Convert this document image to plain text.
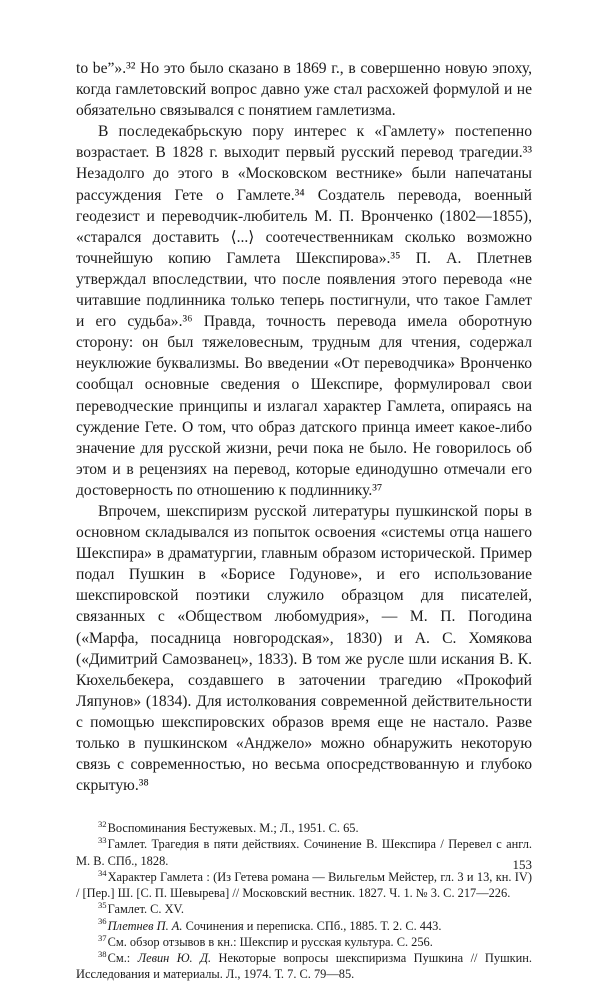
to be”».³² Но это было сказано в 1869 г., в совершенно новую эпоху, когда гамлетовский вопрос давно уже стал расхожей формулой и не обязательно связывался с понятием гамлетизма.

В последекабрьскую пору интерес к «Гамлету» постепенно возрастает. В 1828 г. выходит первый русский перевод трагедии.³³ Незадолго до этого в «Московском вестнике» были напечатаны рассуждения Гете о Гамлете.³⁴ Создатель перевода, военный геодезист и переводчик-любитель М. П. Вронченко (1802—1855), «старался доставить ⟨...⟩ соотечественникам сколько возможно точнейшую копию Гамлета Шекспирова».³⁵ П. А. Плетнев утверждал впоследствии, что после появления этого перевода «не читавшие подлинника только теперь постигнули, что такое Гамлет и его судьба».³⁶ Правда, точность перевода имела оборотную сторону: он был тяжеловесным, трудным для чтения, содержал неуклюжие буквализмы. Во введении «От переводчика» Вронченко сообщал основные сведения о Шекспире, формулировал свои переводческие принципы и излагал характер Гамлета, опираясь на суждение Гете. О том, что образ датского принца имеет какое-либо значение для русской жизни, речи пока не было. Не говорилось об этом и в рецензиях на перевод, которые единодушно отмечали его достоверность по отношению к подлиннику.³⁷

Впрочем, шекспиризм русской литературы пушкинской поры в основном складывался из попыток освоения «системы отца нашего Шекспира» в драматургии, главным образом исторической. Пример подал Пушкин в «Борисе Годунове», и его использование шекспировской поэтики служило образцом для писателей, связанных с «Обществом любомудрия», — М. П. Погодина («Марфа, посадница новгородская», 1830) и А. С. Хомякова («Димитрий Самозванец», 1833). В том же русле шли искания В. К. Кюхельбекера, создавшего в заточении трагедию «Прокофий Ляпунов» (1834). Для истолкования современной действительности с помощью шекспировских образов время еще не настало. Разве только в пушкинском «Анджело» можно обнаружить некоторую связь с современностью, но весьма опосредствованную и глубоко скрытую.³⁸

$^{32}$Воспоминания Бестужевых. М.; Л., 1951. С. 65.

$^{33}$Гамлет. Трагедия в пяти действиях. Сочинение В. Шекспира / Перевел с англ. М. В. СПб., 1828.

$^{34}$Характер Гамлета : (Из Гетева романа — Вильгельм Мейстер, гл. 3 и 13, кн. IV) / [Пер.] Ш. [С. П. Шевырева] // Московский вестник. 1827. Ч. 1. № 3. С. 217—226.

$^{35}$Гамлет. С. XV.

$^{36}$Плетнев П. А. Сочинения и переписка. СПб., 1885. Т. 2. С. 443.

$^{37}$См. обзор отзывов в кн.: Шекспир и русская культура. С. 256.

$^{38}$См.: Левин Ю. Д. Некоторые вопросы шекспиризма Пушкина // Пушкин. Исследования и материалы. Л., 1974. Т. 7. С. 79—85.

153
